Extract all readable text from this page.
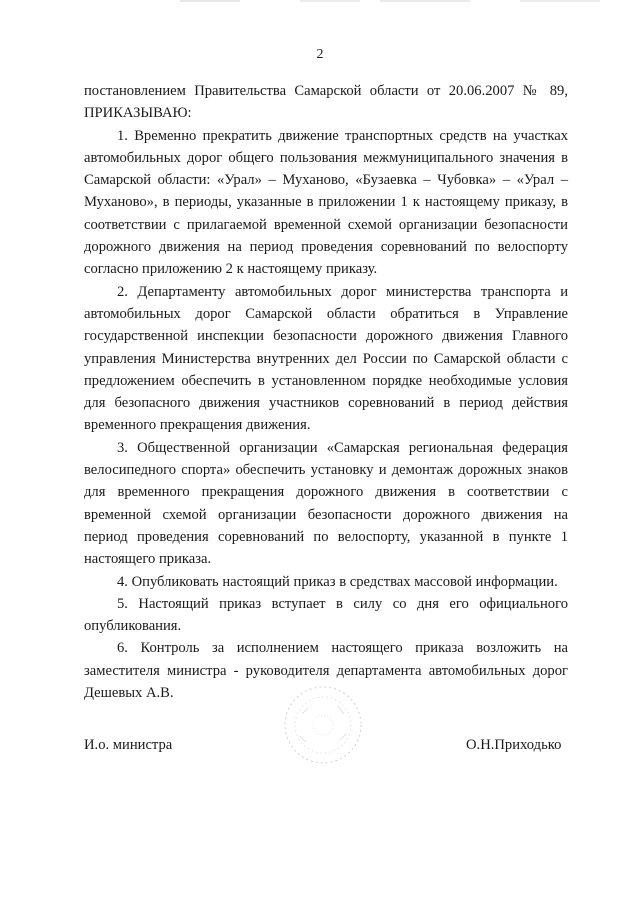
2

постановлением Правительства Самарской области от 20.06.2007 № 89, ПРИКАЗЫВАЮ:

1. Временно прекратить движение транспортных средств на участках автомобильных дорог общего пользования межмуниципального значения в Самарской области: «Урал» – Муханово, «Бузаевка – Чубовка» – «Урал – Муханово», в периоды, указанные в приложении 1 к настоящему приказу, в соответствии с прилагаемой временной схемой организации безопасности дорожного движения на период проведения соревнований по велоспорту согласно приложению 2 к настоящему приказу.

2. Департаменту автомобильных дорог министерства транспорта и автомобильных дорог Самарской области обратиться в Управление государственной инспекции безопасности дорожного движения Главного управления Министерства внутренних дел России по Самарской области с предложением обеспечить в установленном порядке необходимые условия для безопасного движения участников соревнований в период действия временного прекращения движения.

3. Общественной организации «Самарская региональная федерация велосипедного спорта» обеспечить установку и демонтаж дорожных знаков для временного прекращения дорожного движения в соответствии с временной схемой организации безопасности дорожного движения на период проведения соревнований по велоспорту, указанной в пункте 1 настоящего приказа.

4. Опубликовать настоящий приказ в средствах массовой информации.

5. Настоящий приказ вступает в силу со дня его официального опубликования.

6. Контроль за исполнением настоящего приказа возложить на заместителя министра - руководителя департамента автомобильных дорог Дешевых А.В.

И.о. министра	О.Н.Приходько
